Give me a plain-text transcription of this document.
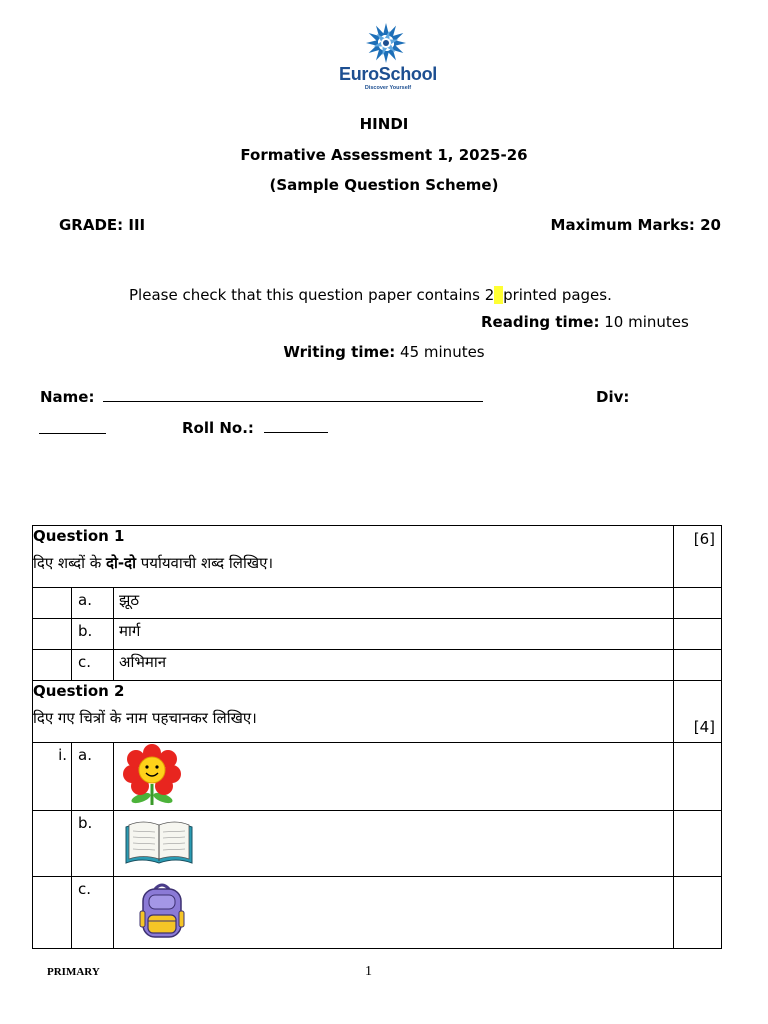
EuroSchool
Discover Yourself
HINDI
Formative Assessment 1, 2025-26
(Sample Question Scheme)
GRADE: III	Maximum Marks: 20
Please check that this question paper contains 2 printed pages.
Reading time: 10 minutes
Writing time: 45 minutes
Name:	Div:
Roll No.:
Question 1
दिए शब्दों के दो-दो पर्यायवाची शब्द लिखिए।			[6]
	a.	झूठ	
	b.	मार्ग	
	c.	अभिमान	

Question 2
दिए गए चित्रों के नाम पहचानकर लिखिए।			[4]
i.	a.		
	b.		
	c.		
PRIMARY	1
